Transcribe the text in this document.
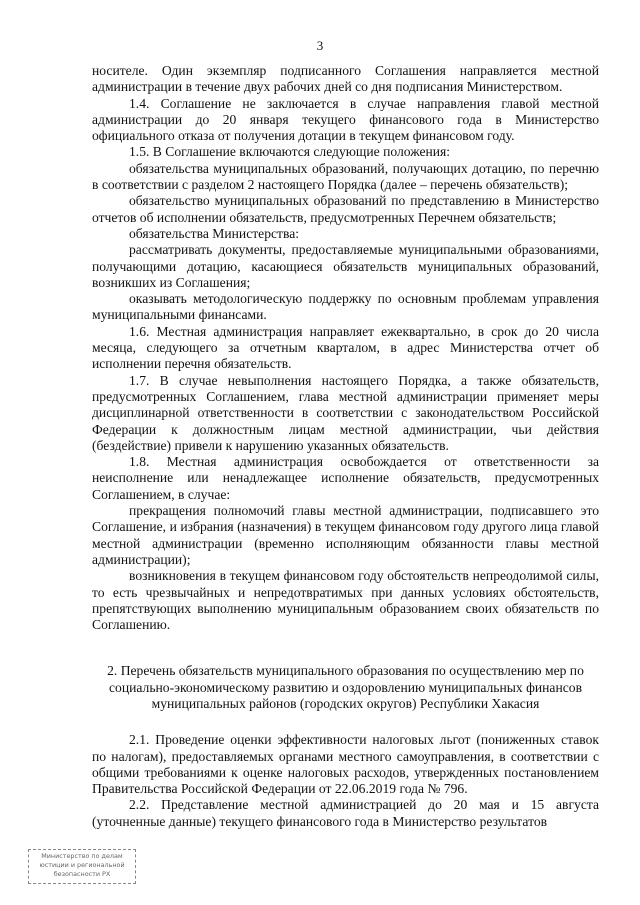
3

носителе. Один экземпляр подписанного Соглашения направляется местной администрации в течение двух рабочих дней со дня подписания Министерством.

1.4. Соглашение не заключается в случае направления главой местной администрации до 20 января текущего финансового года в Министерство официального отказа от получения дотации в текущем финансовом году.

1.5. В Соглашение включаются следующие положения:

обязательства муниципальных образований, получающих дотацию, по перечню в соответствии с разделом 2 настоящего Порядка (далее – перечень обязательств);

обязательство муниципальных образований по представлению в Министерство отчетов об исполнении обязательств, предусмотренных Перечнем обязательств;

обязательства Министерства:

рассматривать документы, предоставляемые муниципальными образованиями, получающими дотацию, касающиеся обязательств муниципальных образований, возникших из Соглашения;

оказывать методологическую поддержку по основным проблемам управления муниципальными финансами.

1.6. Местная администрация направляет ежеквартально, в срок до 20 числа месяца, следующего за отчетным кварталом, в адрес Министерства отчет об исполнении перечня обязательств.

1.7. В случае невыполнения настоящего Порядка, а также обязательств, предусмотренных Соглашением, глава местной администрации применяет меры дисциплинарной ответственности в соответствии с законодательством Российской Федерации к должностным лицам местной администрации, чьи действия (бездействие) привели к нарушению указанных обязательств.

1.8. Местная администрация освобождается от ответственности за неисполнение или ненадлежащее исполнение обязательств, предусмотренных Соглашением, в случае:

прекращения полномочий главы местной администрации, подписавшего это Соглашение, и избрания (назначения) в текущем финансовом году другого лица главой местной администрации (временно исполняющим обязанности главы местной администрации);

возникновения в текущем финансовом году обстоятельств непреодолимой силы, то есть чрезвычайных и непредотвратимых при данных условиях обстоятельств, препятствующих выполнению муниципальным образованием своих обязательств по Соглашению.

2. Перечень обязательств муниципального образования по осуществлению мер по социально-экономическому развитию и оздоровлению муниципальных финансов муниципальных районов (городских округов) Республики Хакасия

2.1. Проведение оценки эффективности налоговых льгот (пониженных ставок по налогам), предоставляемых органами местного самоуправления, в соответствии с общими требованиями к оценке налоговых расходов, утвержденных постановлением Правительства Российской Федерации от 22.06.2019 года № 796.

2.2. Представление местной администрацией до 20 мая и 15 августа (уточненные данные) текущего финансового года в Министерство результатов

Министерство по делам
юстиции и региональной
безопасности РХ
